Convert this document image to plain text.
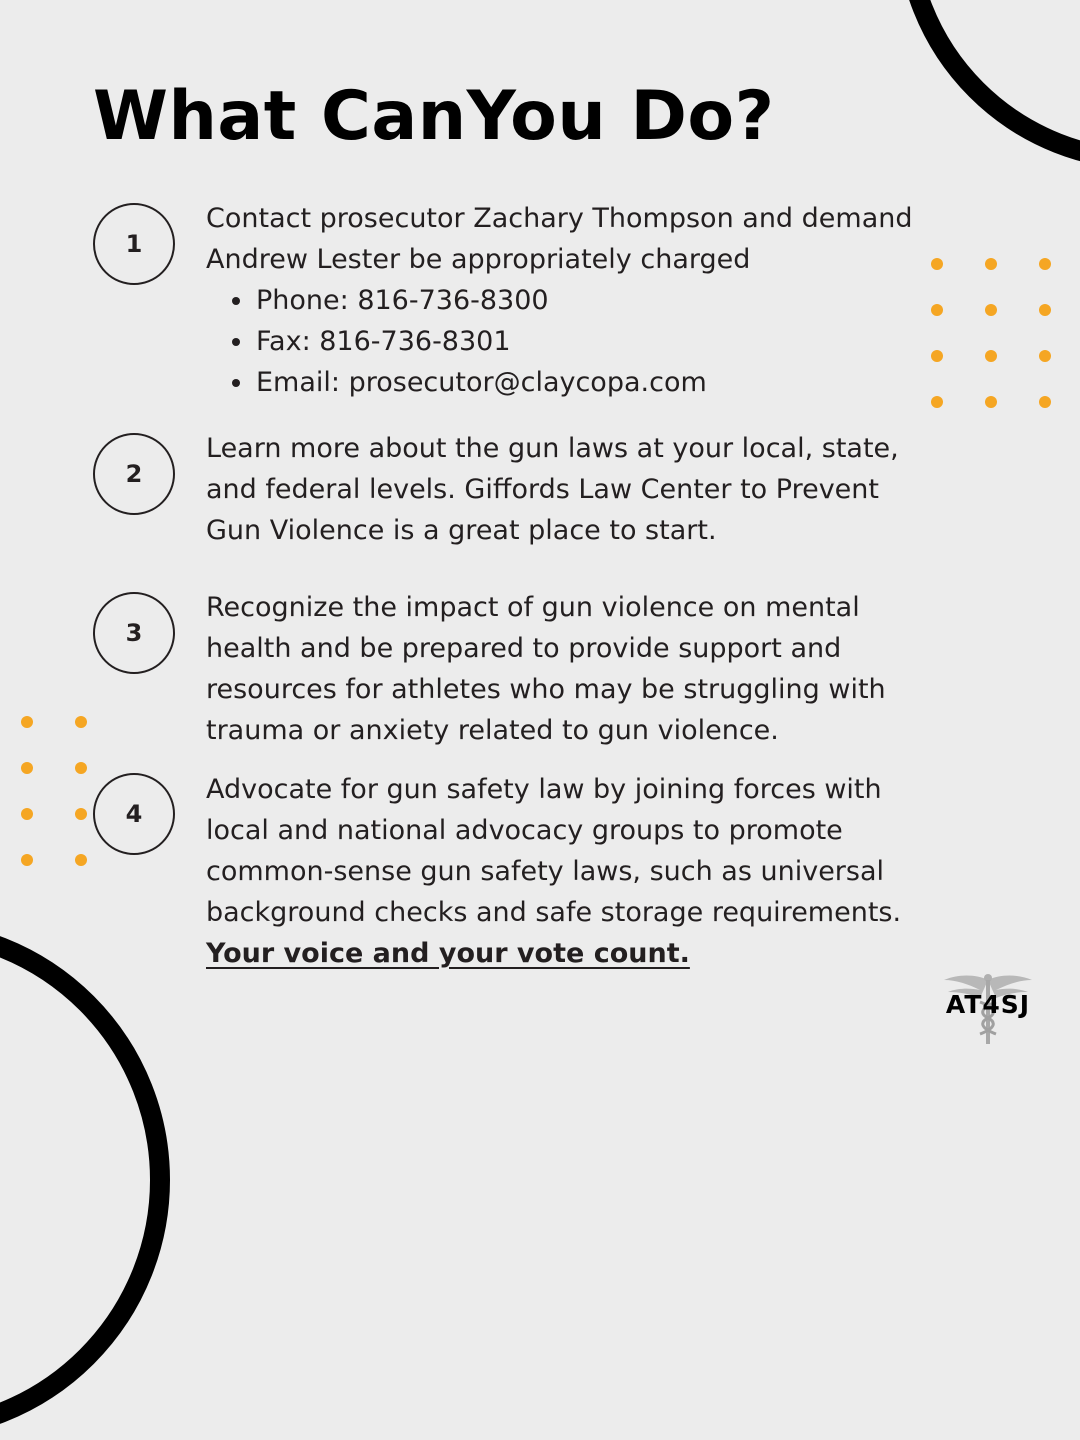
What CanYou Do?
1

Contact prosecutor Zachary Thompson and demand

Andrew Lester be appropriately charged

Phone: 816-736-8300
Fax: 816-736-8301
Email: prosecutor@claycopa.com
2

Learn more about the gun laws at your local, state,

and federal levels. Giffords Law Center to Prevent

Gun Violence is a great place to start.

3

Recognize the impact of gun violence on mental

health and be prepared to provide support and

resources for athletes who may be struggling with

trauma or anxiety related to gun violence.

4

Advocate for gun safety law by joining forces with

local and national advocacy groups to promote

common-sense gun safety laws, such as universal

background checks and safe storage requirements.

Your voice and your vote count.

AT4SJ
